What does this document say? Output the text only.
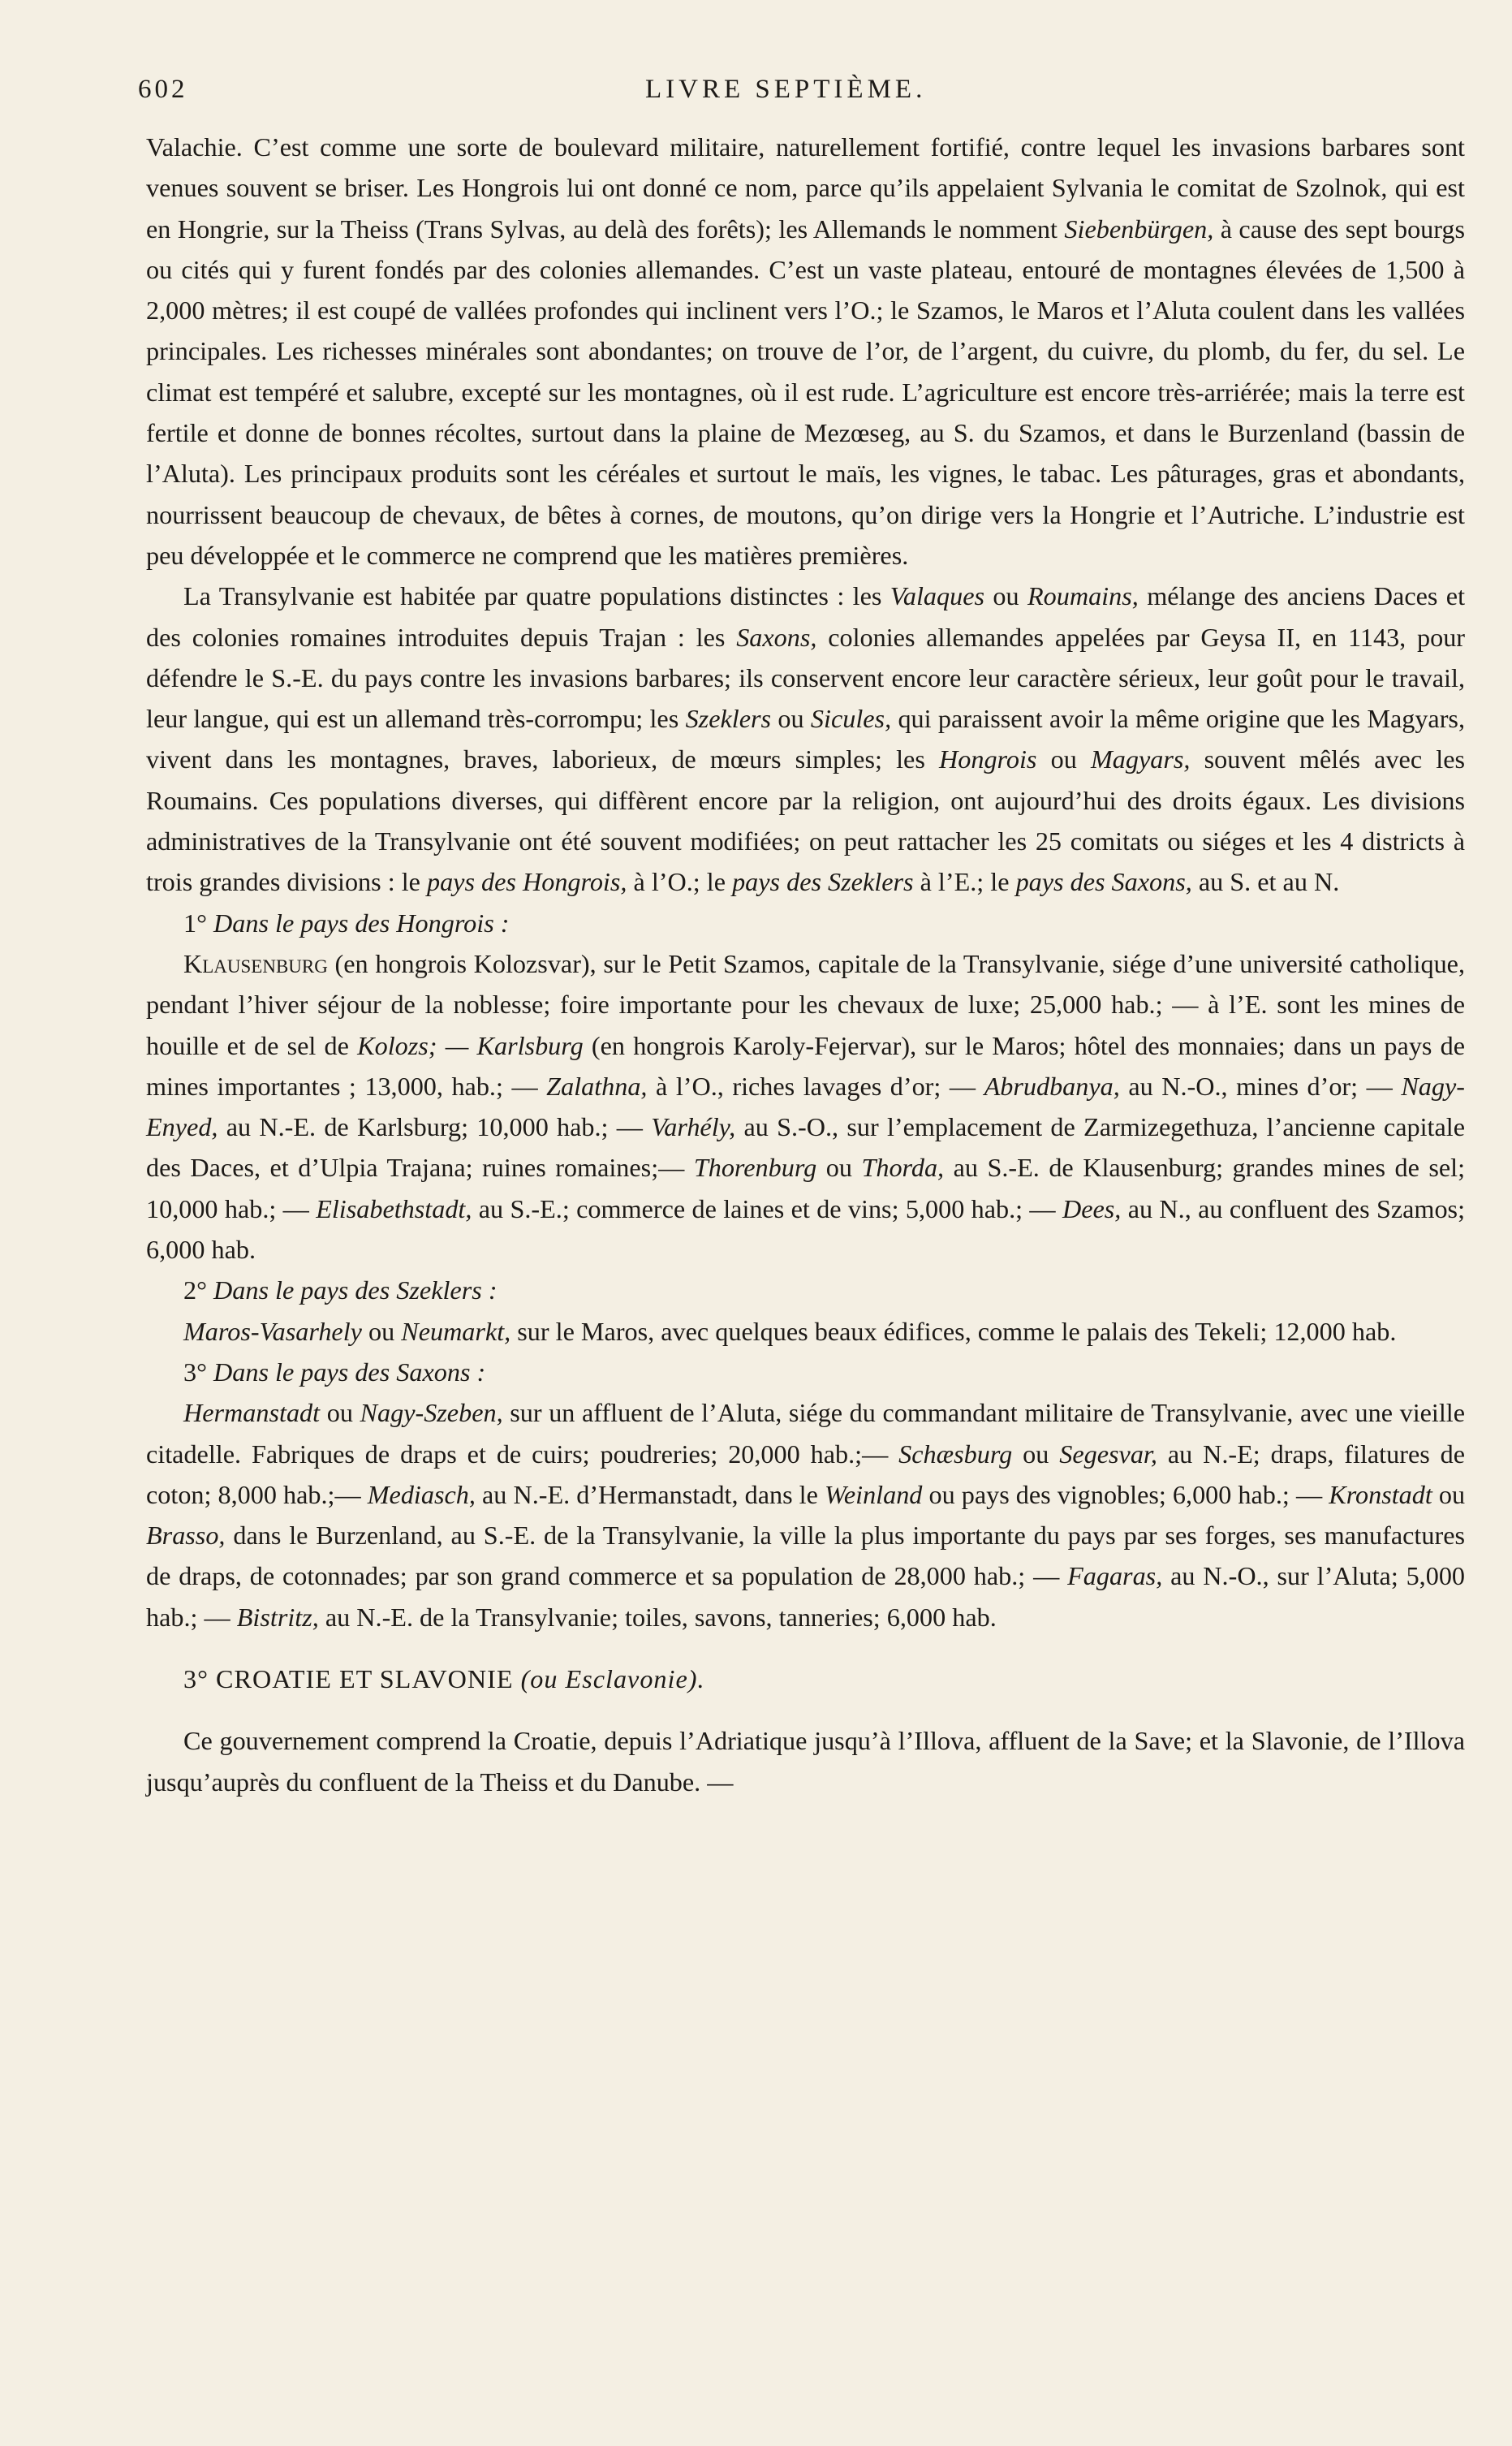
602	LIVRE SEPTIÈME.

Valachie. C’est comme une sorte de boulevard militaire, naturellement fortifié, contre lequel les invasions barbares sont venues souvent se briser. Les Hongrois lui ont donné ce nom, parce qu’ils appelaient Sylvania le comitat de Szolnok, qui est en Hongrie, sur la Theiss (Trans Sylvas, au delà des forêts); les Allemands le nomment Siebenbürgen, à cause des sept bourgs ou cités qui y furent fondés par des colonies allemandes. C’est un vaste plateau, entouré de montagnes élevées de 1,500 à 2,000 mètres; il est coupé de vallées profondes qui inclinent vers l’O.; le Szamos, le Maros et l’Aluta coulent dans les vallées principales. Les richesses minérales sont abondantes; on trouve de l’or, de l’argent, du cuivre, du plomb, du fer, du sel. Le climat est tempéré et salubre, excepté sur les montagnes, où il est rude. L’agriculture est encore très-arriérée; mais la terre est fertile et donne de bonnes récoltes, surtout dans la plaine de Mezœseg, au S. du Szamos, et dans le Burzenland (bassin de l’Aluta). Les principaux produits sont les céréales et surtout le maïs, les vignes, le tabac. Les pâturages, gras et abondants, nourrissent beaucoup de chevaux, de bêtes à cornes, de moutons, qu’on dirige vers la Hongrie et l’Autriche. L’industrie est peu développée et le commerce ne comprend que les matières premières.

La Transylvanie est habitée par quatre populations distinctes : les Valaques ou Roumains, mélange des anciens Daces et des colonies romaines introduites depuis Trajan : les Saxons, colonies allemandes appelées par Geysa II, en 1143, pour défendre le S.-E. du pays contre les invasions barbares; ils conservent encore leur caractère sérieux, leur goût pour le travail, leur langue, qui est un allemand très-corrompu; les Szeklers ou Sicules, qui paraissent avoir la même origine que les Magyars, vivent dans les montagnes, braves, laborieux, de mœurs simples; les Hongrois ou Magyars, souvent mêlés avec les Roumains. Ces populations diverses, qui diffèrent encore par la religion, ont aujourd’hui des droits égaux. Les divisions administratives de la Transylvanie ont été souvent modifiées; on peut rattacher les 25 comitats ou siéges et les 4 districts à trois grandes divisions : le pays des Hongrois, à l’O.; le pays des Szeklers à l’E.; le pays des Saxons, au S. et au N.

1° Dans le pays des Hongrois :

Klausenburg (en hongrois Kolozsvar), sur le Petit Szamos, capitale de la Transylvanie, siége d’une université catholique, pendant l’hiver séjour de la noblesse; foire importante pour les chevaux de luxe; 25,000 hab.; — à l’E. sont les mines de houille et de sel de Kolozs; — Karlsburg (en hongrois Karoly-Fejervar), sur le Maros; hôtel des monnaies; dans un pays de mines importantes ; 13,000, hab.; — Zalathna, à l’O., riches lavages d’or; — Abrudbanya, au N.-O., mines d’or; — Nagy-Enyed, au N.-E. de Karlsburg; 10,000 hab.; — Varhély, au S.-O., sur l’emplacement de Zarmizegethuza, l’ancienne capitale des Daces, et d’Ulpia Trajana; ruines romaines;— Thorenburg ou Thorda, au S.-E. de Klausenburg; grandes mines de sel; 10,000 hab.; — Elisabethstadt, au S.-E.; commerce de laines et de vins; 5,000 hab.; — Dees, au N., au confluent des Szamos; 6,000 hab.

2° Dans le pays des Szeklers :

Maros-Vasarhely ou Neumarkt, sur le Maros, avec quelques beaux édifices, comme le palais des Tekeli; 12,000 hab.

3° Dans le pays des Saxons :

Hermanstadt ou Nagy-Szeben, sur un affluent de l’Aluta, siége du commandant militaire de Transylvanie, avec une vieille citadelle. Fabriques de draps et de cuirs; poudreries; 20,000 hab.;— Schæsburg ou Segesvar, au N.-E; draps, filatures de coton; 8,000 hab.;— Mediasch, au N.-E. d’Hermanstadt, dans le Weinland ou pays des vignobles; 6,000 hab.; — Kronstadt ou Brasso, dans le Burzenland, au S.-E. de la Transylvanie, la ville la plus importante du pays par ses forges, ses manufactures de draps, de cotonnades; par son grand commerce et sa population de 28,000 hab.; — Fagaras, au N.-O., sur l’Aluta; 5,000 hab.; — Bistritz, au N.-E. de la Transylvanie; toiles, savons, tanneries; 6,000 hab.

3° CROATIE ET SLAVONIE (ou Esclavonie).

Ce gouvernement comprend la Croatie, depuis l’Adriatique jusqu’à l’Illova, affluent de la Save; et la Slavonie, de l’Illova jusqu’auprès du confluent de la Theiss et du Danube. —
